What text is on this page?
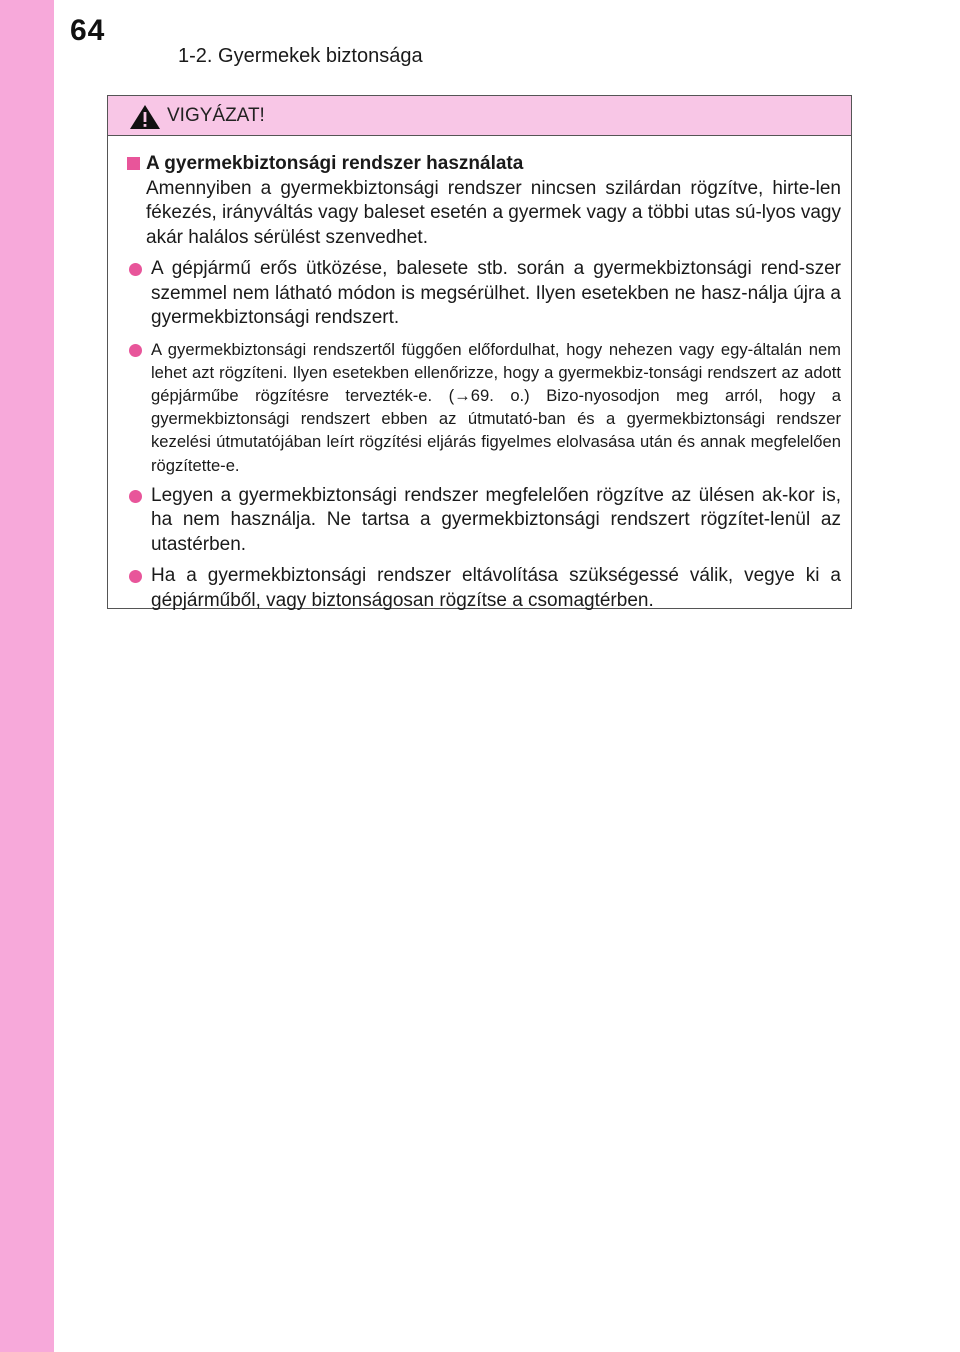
64
1-2. Gyermekek biztonsága
VIGYÁZAT!
A gyermekbiztonsági rendszer használata
Amennyiben a gyermekbiztonsági rendszer nincsen szilárdan rögzítve, hirte-len fékezés, irányváltás vagy baleset esetén a gyermek vagy a többi utas sú-lyos vagy akár halálos sérülést szenvedhet.
A gépjármű erős ütközése, balesete stb. során a gyermekbiztonsági rend-szer szemmel nem látható módon is megsérülhet. Ilyen esetekben ne hasz-nálja újra a gyermekbiztonsági rendszert.
A gyermekbiztonsági rendszertől függően előfordulhat, hogy nehezen vagy egy-általán nem lehet azt rögzíteni. Ilyen esetekben ellenőrizze, hogy a gyermekbiz-tonsági rendszert az adott gépjárműbe rögzítésre tervezték-e. (→69. o.) Bizo-nyosodjon meg arról, hogy a gyermekbiztonsági rendszert ebben az útmutató-ban és a gyermekbiztonsági rendszer kezelési útmutatójában leírt rögzítési eljárás figyelmes elolvasása után és annak megfelelően rögzítette-e.
Legyen a gyermekbiztonsági rendszer megfelelően rögzítve az ülésen ak-kor is, ha nem használja. Ne tartsa a gyermekbiztonsági rendszert rögzítet-lenül az utastérben.
Ha a gyermekbiztonsági rendszer eltávolítása szükségessé válik, vegye ki a gépjárműből, vagy biztonságosan rögzítse a csomagtérben.
